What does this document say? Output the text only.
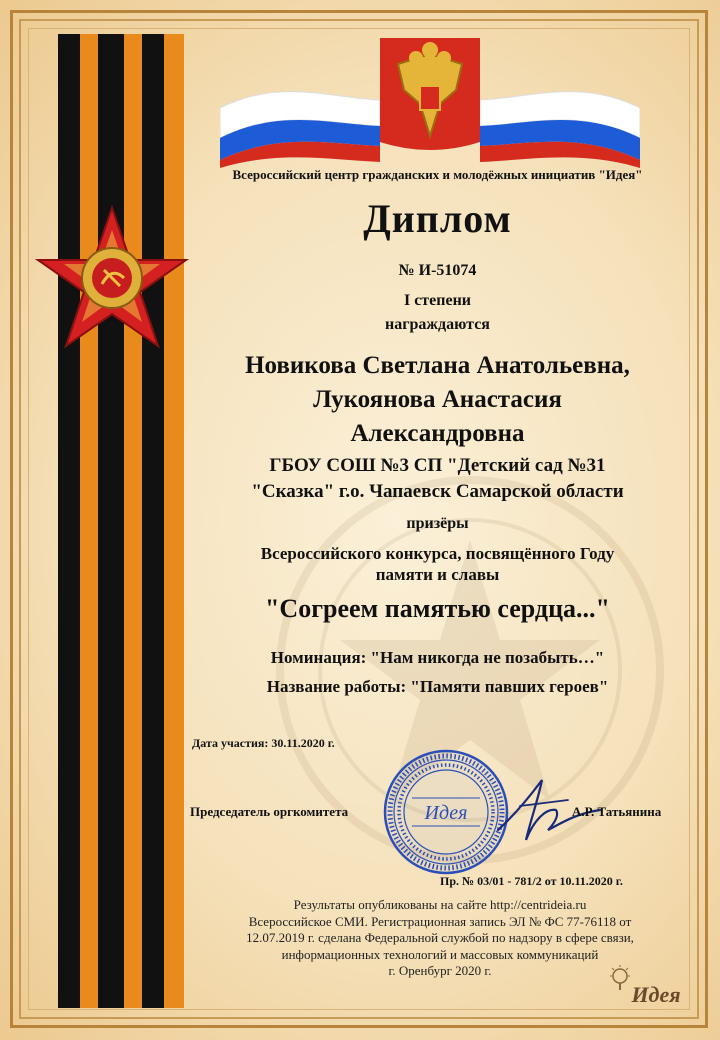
Всероссийский центр гражданских и молодёжных инициатив "Идея"
Диплом
№ И-51074
I степени
награждаются
Новикова Светлана Анатольевна,
Лукоянова Анастасия
Александровна
ГБОУ СОШ №3 СП "Детский сад №31
"Сказка" г.о. Чапаевск Самарской области
призёры
Всероссийского конкурса, посвящённого Году
памяти и славы
"Согреем памятью сердца..."
Номинация: "Нам никогда не позабыть…"
Название работы: "Памяти павших героев"
Дата участия: 30.11.2020 г.
Идея
Председатель оргкомитета	А.Р. Татьянина
Пр. № 03/01 - 781/2 от 10.11.2020 г.
Результаты опубликованы на сайте http://centrideia.ru
Всероссийское СМИ. Регистрационная запись ЭЛ № ФС 77-76118 от
12.07.2019 г. сделана Федеральной службой по надзору в сфере связи,
информационных технологий и массовых коммуникаций
г. Оренбург 2020 г.
Идея
